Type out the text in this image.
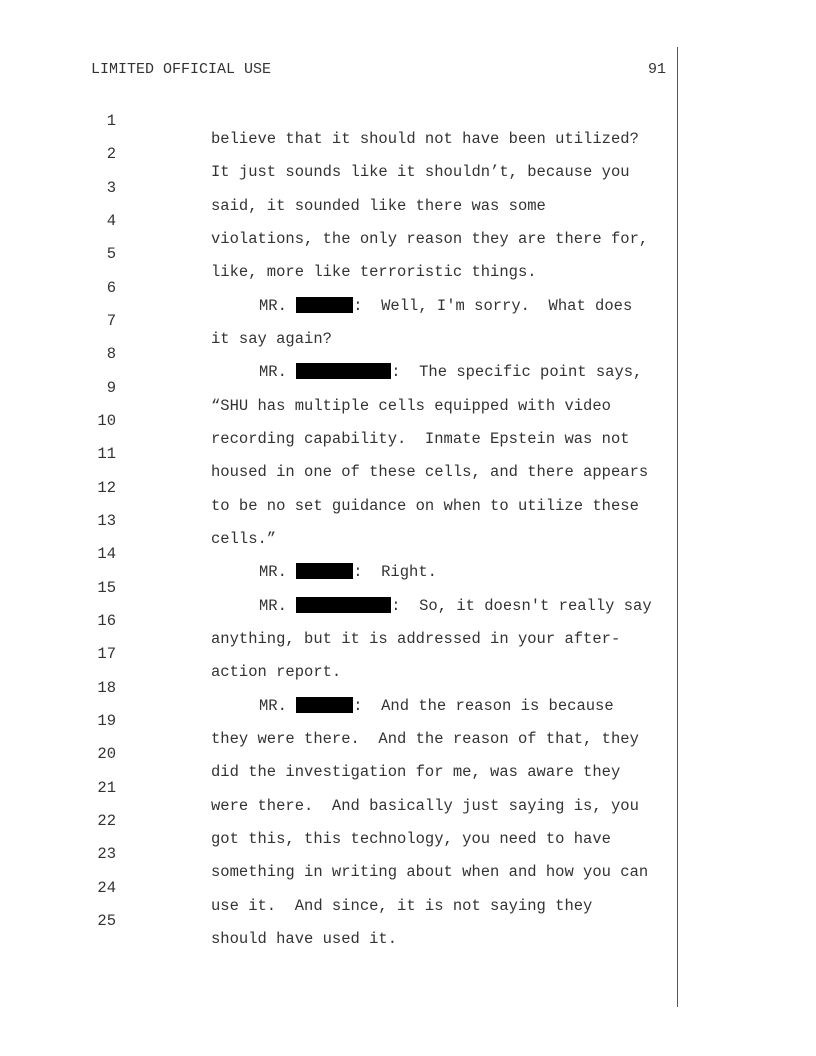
LIMITED OFFICIAL USE	91

1

believe that it should not have been utilized?

2

It just sounds like it shouldn’t, because you

3

said, it sounded like there was some

4

violations, the only reason they are there for,

5

like, more like terroristic things.

6

MR.	:  Well, I'm sorry.  What does

7

it say again?

8

MR.	:  The specific point says,

9

“SHU has multiple cells equipped with video

10

recording capability.  Inmate Epstein was not

11

housed in one of these cells, and there appears

12

to be no set guidance on when to utilize these

13

cells.”

14

MR.	:  Right.

15

MR.	:  So, it doesn't really say

16

anything, but it is addressed in your after-

17

action report.

18

MR.	:  And the reason is because

19

they were there.  And the reason of that, they

20

did the investigation for me, was aware they

21

were there.  And basically just saying is, you

22

got this, this technology, you need to have

23

something in writing about when and how you can

24

use it.  And since, it is not saying they

25

should have used it.
